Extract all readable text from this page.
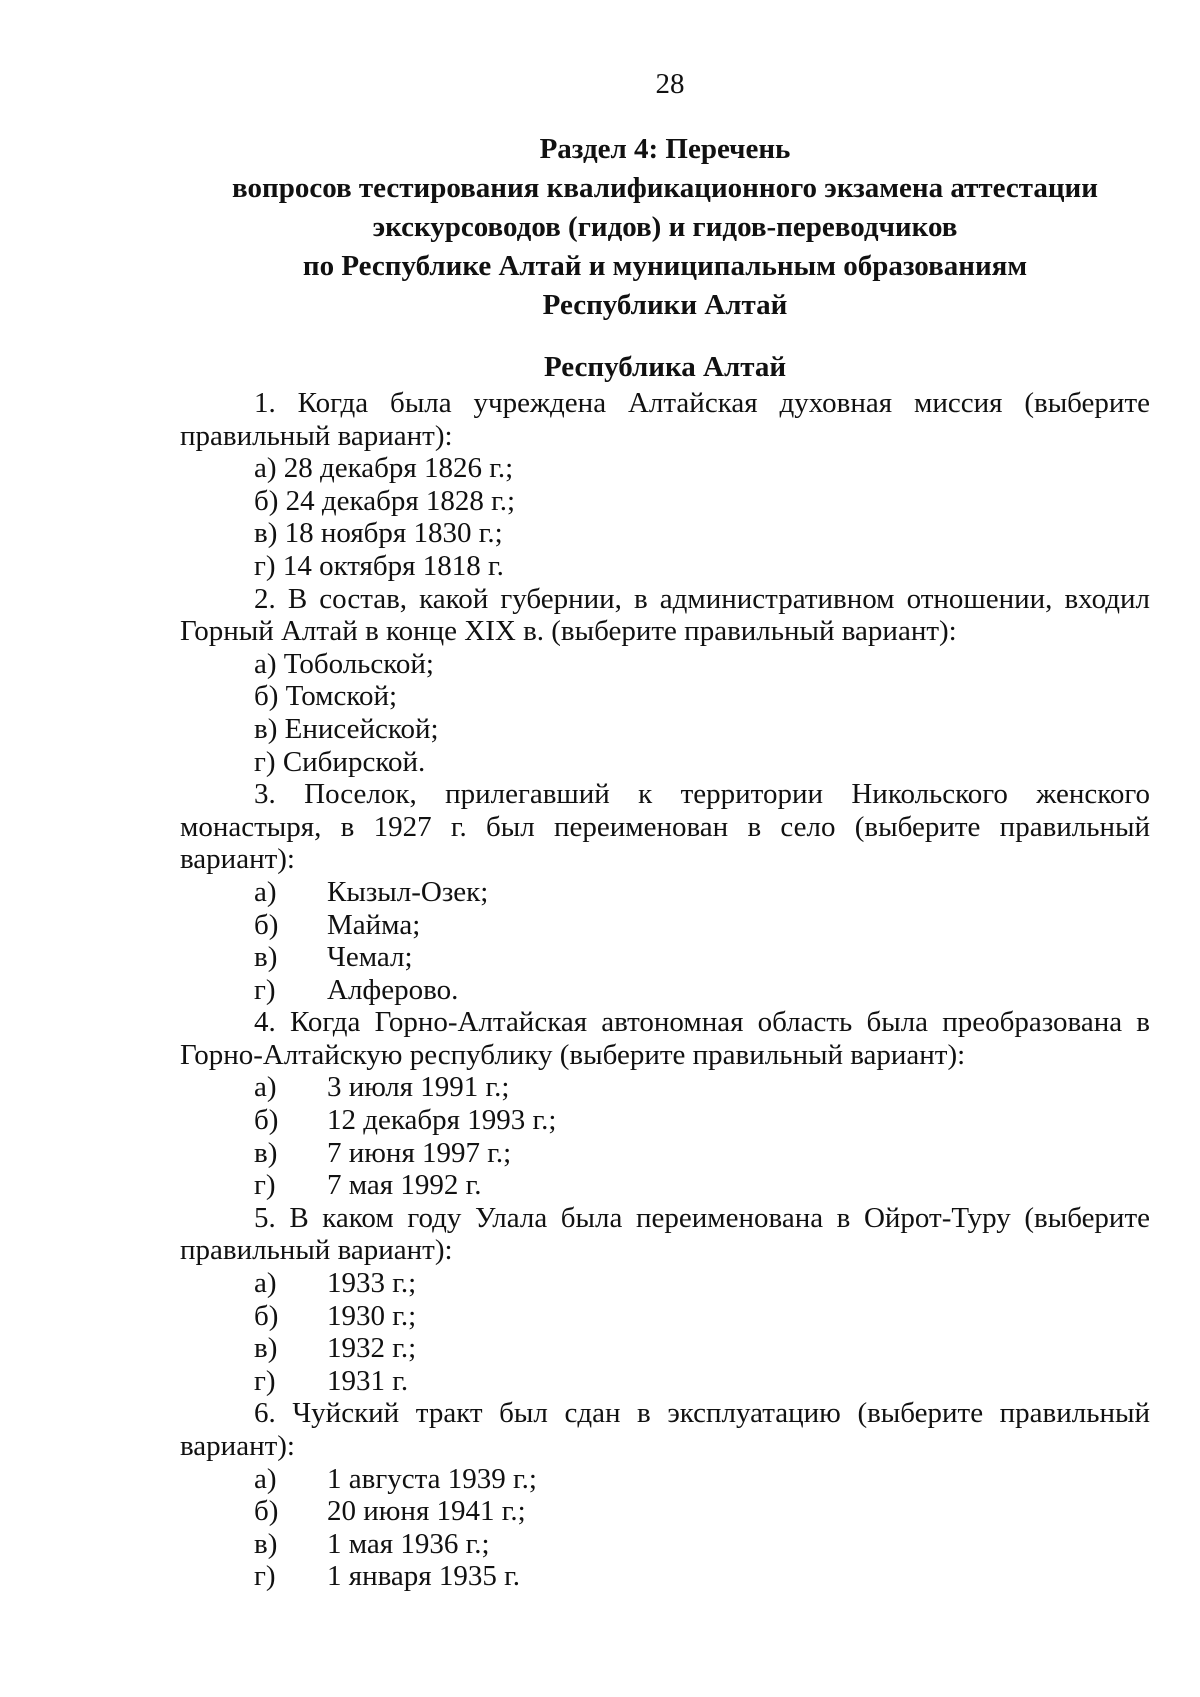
28
Раздел 4: Перечень
вопросов тестирования квалификационного экзамена аттестации
экскурсоводов (гидов) и гидов-переводчиков
по Республике Алтай и муниципальным образованиям
Республики Алтай
Республика Алтай
1. Когда была учреждена Алтайская духовная миссия (выберите правильный вариант):
а) 28 декабря 1826 г.;
б) 24 декабря 1828 г.;
в) 18 ноября 1830 г.;
г) 14 октября 1818 г.
2. В состав, какой губернии, в административном отношении, входил Горный Алтай в конце XIX в. (выберите правильный вариант):
а) Тобольской;
б) Томской;
в) Енисейской;
г) Сибирской.
3. Поселок, прилегавший к территории Никольского женского монастыря, в 1927 г. был переименован в село (выберите правильный вариант):
а) Кызыл-Озек;
б) Майма;
в) Чемал;
г) Алферово.
4. Когда Горно-Алтайская автономная область была преобразована в Горно-Алтайскую республику (выберите правильный вариант):
а) 3 июля 1991 г.;
б) 12 декабря 1993 г.;
в) 7 июня 1997 г.;
г) 7 мая 1992 г.
5. В каком году Улала была переименована в Ойрот-Туру (выберите правильный вариант):
а) 1933 г.;
б) 1930 г.;
в) 1932 г.;
г) 1931 г.
6. Чуйский тракт был сдан в эксплуатацию (выберите правильный вариант):
а) 1 августа 1939 г.;
б) 20 июня 1941 г.;
в) 1 мая 1936 г.;
г) 1 января 1935 г.
